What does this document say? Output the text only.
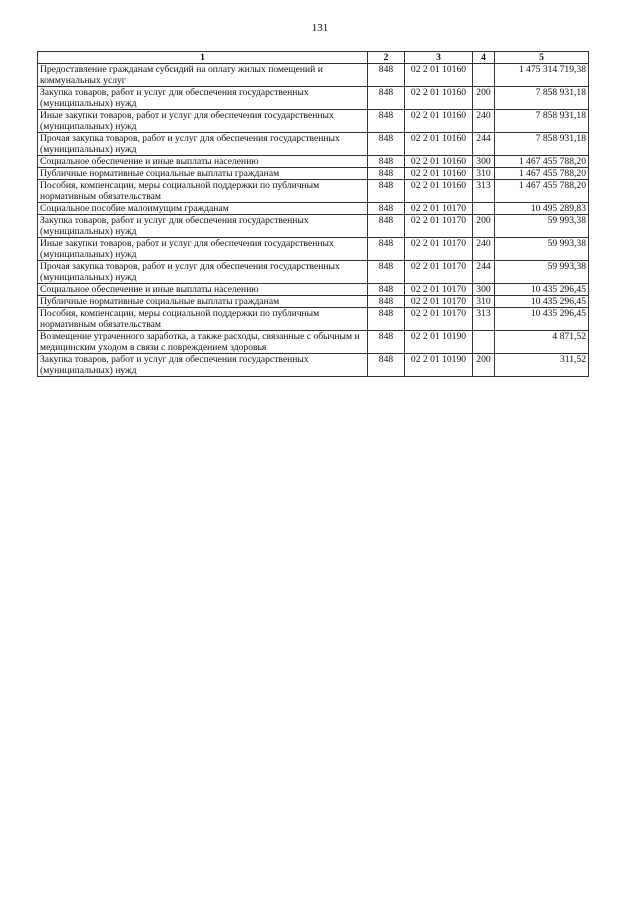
131
1	2	3	4	5
Предоставление гражданам субсидий на оплату жилых помещений и коммунальных услуг	848	02 2 01 10160		1 475 314 719,38
Закупка товаров, работ и услуг для обеспечения государственных (муниципальных) нужд	848	02 2 01 10160	200	7 858 931,18
Иные закупки товаров, работ и услуг для обеспечения государственных (муниципальных) нужд	848	02 2 01 10160	240	7 858 931,18
Прочая закупка товаров, работ и услуг для обеспечения государственных (муниципальных) нужд	848	02 2 01 10160	244	7 858 931,18
Социальное обеспечение и иные выплаты населению	848	02 2 01 10160	300	1 467 455 788,20
Публичные нормативные социальные выплаты гражданам	848	02 2 01 10160	310	1 467 455 788,20
Пособия, компенсации, меры социальной поддержки по публичным нормативным обязательствам	848	02 2 01 10160	313	1 467 455 788,20
Социальное пособие малоимущим гражданам	848	02 2 01 10170		10 495 289,83
Закупка товаров, работ и услуг для обеспечения государственных (муниципальных) нужд	848	02 2 01 10170	200	59 993,38
Иные закупки товаров, работ и услуг для обеспечения государственных (муниципальных) нужд	848	02 2 01 10170	240	59 993,38
Прочая закупка товаров, работ и услуг для обеспечения государственных (муниципальных) нужд	848	02 2 01 10170	244	59 993,38
Социальное обеспечение и иные выплаты населению	848	02 2 01 10170	300	10 435 296,45
Публичные нормативные социальные выплаты гражданам	848	02 2 01 10170	310	10 435 296,45
Пособия, компенсации, меры социальной поддержки по публичным нормативным обязательствам	848	02 2 01 10170	313	10 435 296,45
Возмещение утраченного заработка, а также расходы, связанные с обычным и медицинским уходом в связи с повреждением здоровья	848	02 2 01 10190		4 871,52
Закупка товаров, работ и услуг для обеспечения государственных (муниципальных) нужд	848	02 2 01 10190	200	311,52
